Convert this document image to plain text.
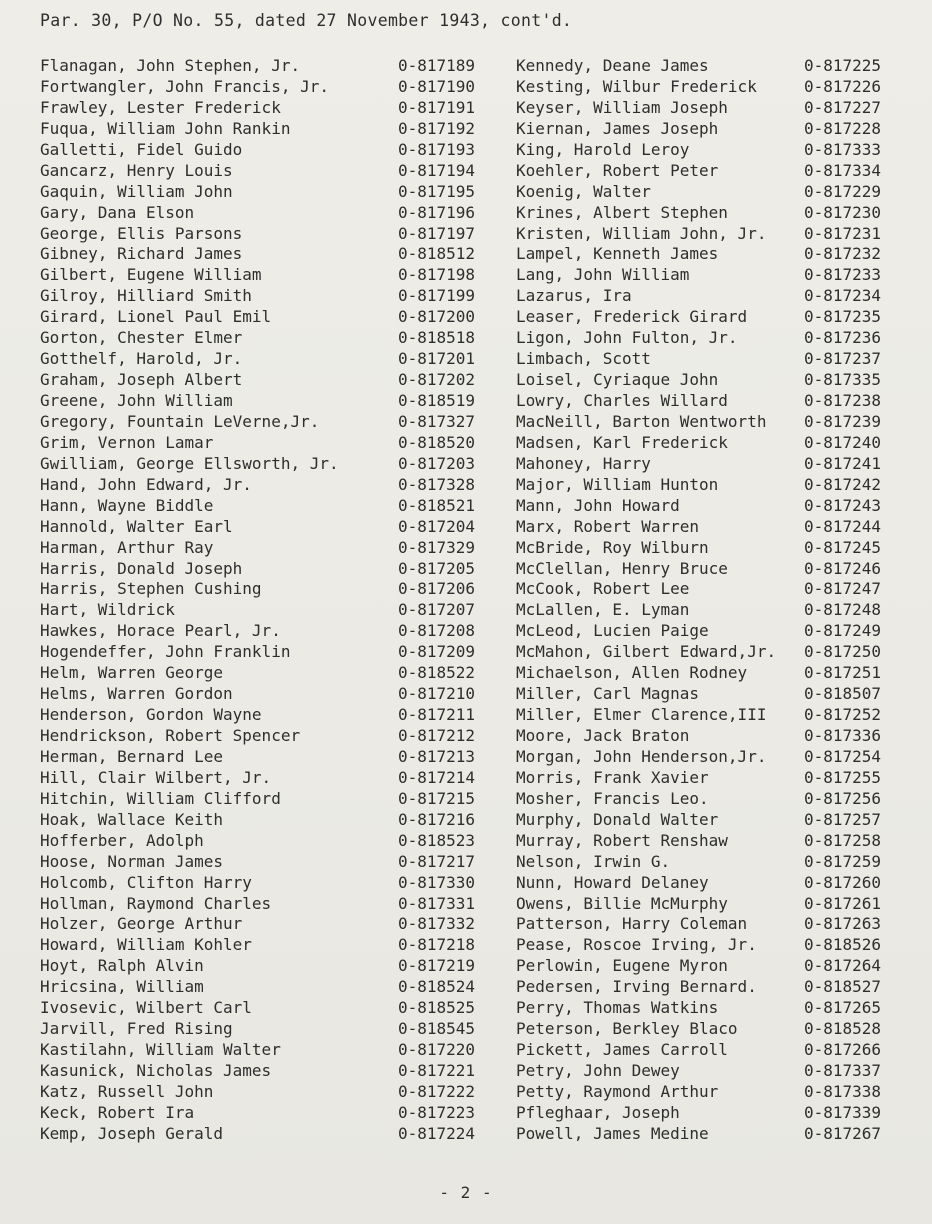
Par. 30, P/O No. 55, dated 27 November 1943, cont'd.
Flanagan, John Stephen, Jr.
Fortwangler, John Francis, Jr.
Frawley, Lester Frederick
Fuqua, William John Rankin
Galletti, Fidel Guido
Gancarz, Henry Louis
Gaquin, William John
Gary, Dana Elson
George, Ellis Parsons
Gibney, Richard James
Gilbert, Eugene William
Gilroy, Hilliard Smith
Girard, Lionel Paul Emil
Gorton, Chester Elmer
Gotthelf, Harold, Jr.
Graham, Joseph Albert
Greene, John William
Gregory, Fountain LeVerne,Jr.
Grim, Vernon Lamar
Gwilliam, George Ellsworth, Jr.
Hand, John Edward, Jr.
Hann, Wayne Biddle
Hannold, Walter Earl
Harman, Arthur Ray
Harris, Donald Joseph
Harris, Stephen Cushing
Hart, Wildrick
Hawkes, Horace Pearl, Jr.
Hogendeffer, John Franklin
Helm, Warren George
Helms, Warren Gordon
Henderson, Gordon Wayne
Hendrickson, Robert Spencer
Herman, Bernard Lee
Hill, Clair Wilbert, Jr.
Hitchin, William Clifford
Hoak, Wallace Keith
Hofferber, Adolph
Hoose, Norman James
Holcomb, Clifton Harry
Hollman, Raymond Charles
Holzer, George Arthur
Howard, William Kohler
Hoyt, Ralph Alvin
Hricsina, William
Ivosevic, Wilbert Carl
Jarvill, Fred Rising
Kastilahn, William Walter
Kasunick, Nicholas James
Katz, Russell John
Keck, Robert Ira
Kemp, Joseph Gerald
0-817189
0-817190
0-817191
0-817192
0-817193
0-817194
0-817195
0-817196
0-817197
0-818512
0-817198
0-817199
0-817200
0-818518
0-817201
0-817202
0-818519
0-817327
0-818520
0-817203
0-817328
0-818521
0-817204
0-817329
0-817205
0-817206
0-817207
0-817208
0-817209
0-818522
0-817210
0-817211
0-817212
0-817213
0-817214
0-817215
0-817216
0-818523
0-817217
0-817330
0-817331
0-817332
0-817218
0-817219
0-818524
0-818525
0-818545
0-817220
0-817221
0-817222
0-817223
0-817224
Kennedy, Deane James
Kesting, Wilbur Frederick
Keyser, William Joseph
Kiernan, James Joseph
King, Harold Leroy
Koehler, Robert Peter
Koenig, Walter
Krines, Albert Stephen
Kristen, William John, Jr.
Lampel, Kenneth James
Lang, John William
Lazarus, Ira
Leaser, Frederick Girard
Ligon, John Fulton, Jr.
Limbach, Scott
Loisel, Cyriaque John
Lowry, Charles Willard
MacNeill, Barton Wentworth
Madsen, Karl Frederick
Mahoney, Harry
Major, William Hunton
Mann, John Howard
Marx, Robert Warren
McBride, Roy Wilburn
McClellan, Henry Bruce
McCook, Robert Lee
McLallen, E. Lyman
McLeod, Lucien Paige
McMahon, Gilbert Edward,Jr.
Michaelson, Allen Rodney
Miller, Carl Magnas
Miller, Elmer Clarence,III
Moore, Jack Braton
Morgan, John Henderson,Jr.
Morris, Frank Xavier
Mosher, Francis Leo.
Murphy, Donald Walter
Murray, Robert Renshaw
Nelson, Irwin G.
Nunn, Howard Delaney
Owens, Billie McMurphy
Patterson, Harry Coleman
Pease, Roscoe Irving, Jr.
Perlowin, Eugene Myron
Pedersen, Irving Bernard.
Perry, Thomas Watkins
Peterson, Berkley Blaco
Pickett, James Carroll
Petry, John Dewey
Petty, Raymond Arthur
Pfleghaar, Joseph
Powell, James Medine
0-817225
0-817226
0-817227
0-817228
0-817333
0-817334
0-817229
0-817230
0-817231
0-817232
0-817233
0-817234
0-817235
0-817236
0-817237
0-817335
0-817238
0-817239
0-817240
0-817241
0-817242
0-817243
0-817244
0-817245
0-817246
0-817247
0-817248
0-817249
0-817250
0-817251
0-818507
0-817252
0-817336
0-817254
0-817255
0-817256
0-817257
0-817258
0-817259
0-817260
0-817261
0-817263
0-818526
0-817264
0-818527
0-817265
0-818528
0-817266
0-817337
0-817338
0-817339
0-817267
- 2 -
